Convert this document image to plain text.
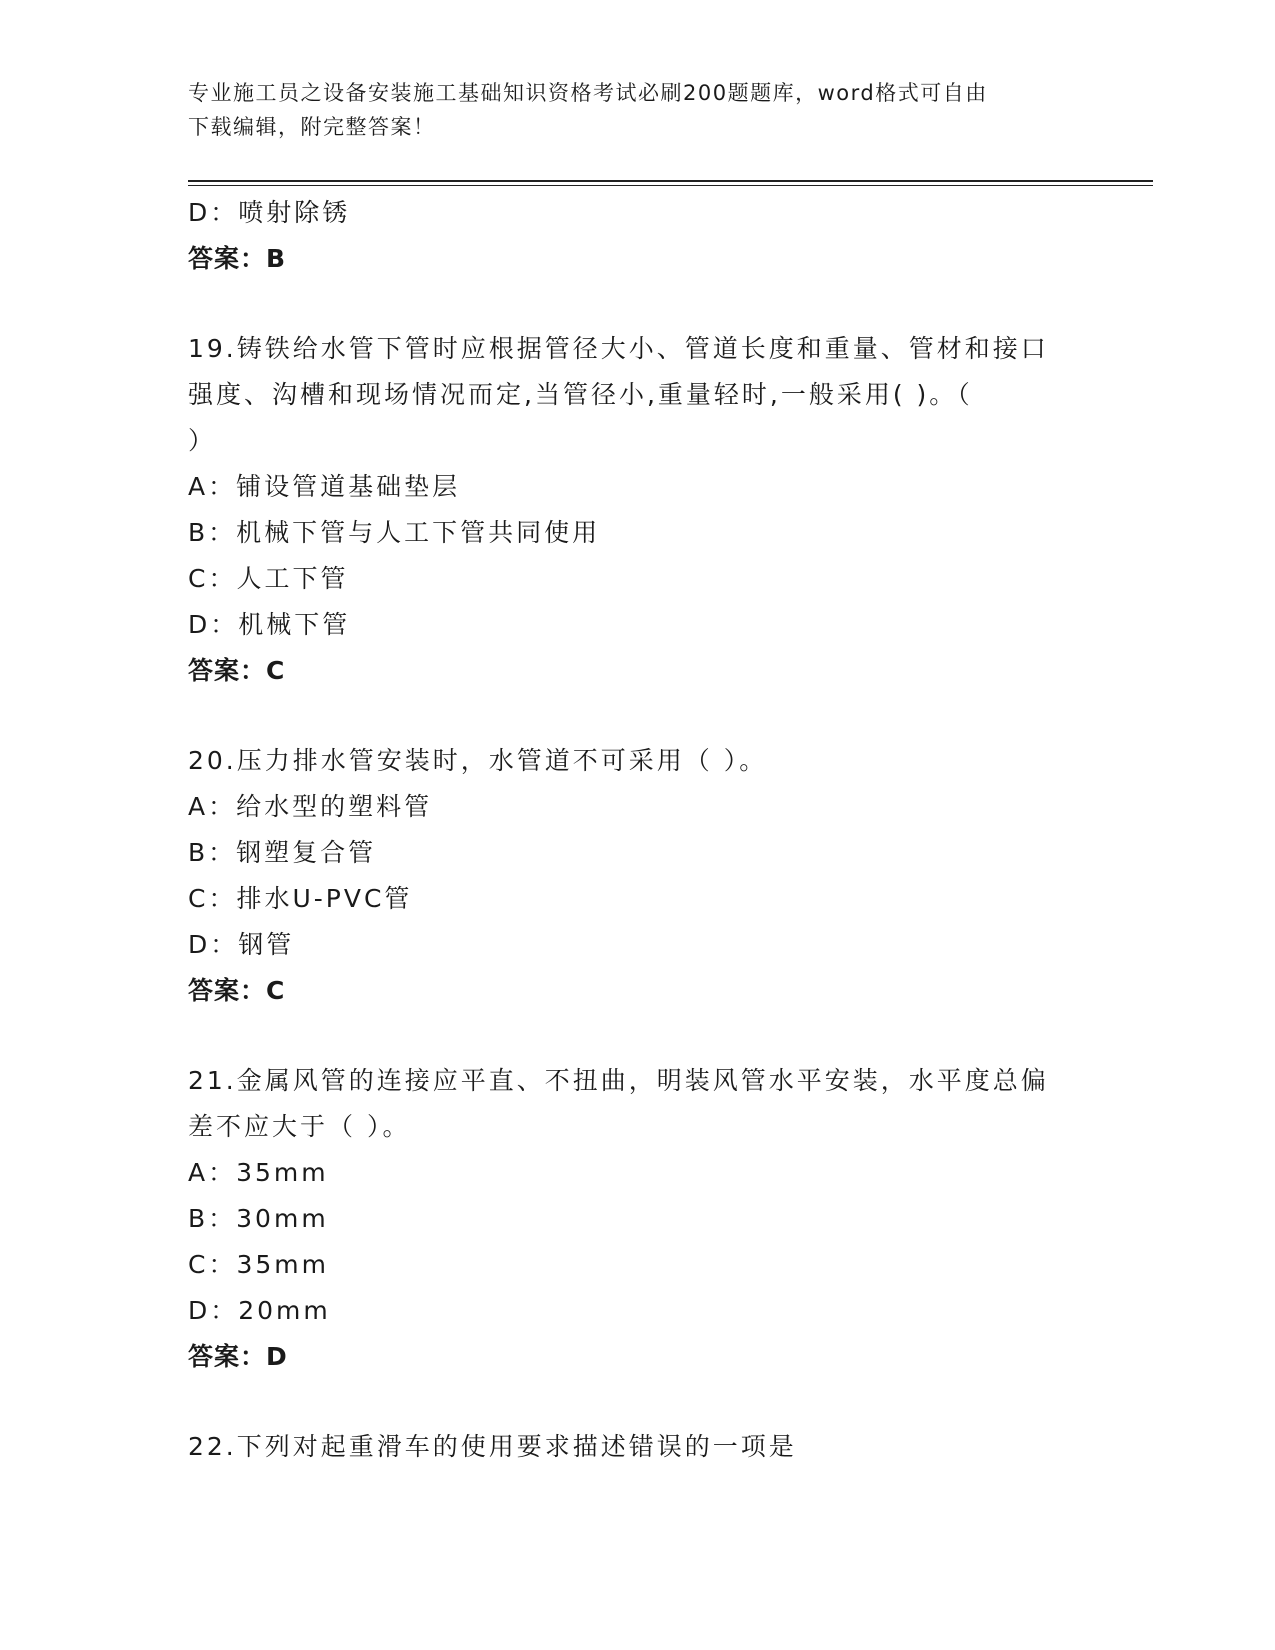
专业施工员之设备安装施工基础知识资格考试必刷200题题库，word格式可自由
下载编辑，附完整答案！
D：喷射除锈
答案：B
19.铸铁给水管下管时应根据管径大小、管道长度和重量、管材和接口
强度、沟槽和现场情况而定,当管径小,重量轻时,一般采用( )。（
）
A：铺设管道基础垫层
B：机械下管与人工下管共同使用
C：人工下管
D：机械下管
答案：C
20.压力排水管安装时，水管道不可采用（ ）。
A：给水型的塑料管
B：钢塑复合管
C：排水U-PVC管
D：钢管
答案：C
21.金属风管的连接应平直、不扭曲，明装风管水平安装，水平度总偏
差不应大于（ ）。
A：35mm
B：30mm
C：35mm
D：20mm
答案：D
22.下列对起重滑车的使用要求描述错误的一项是
